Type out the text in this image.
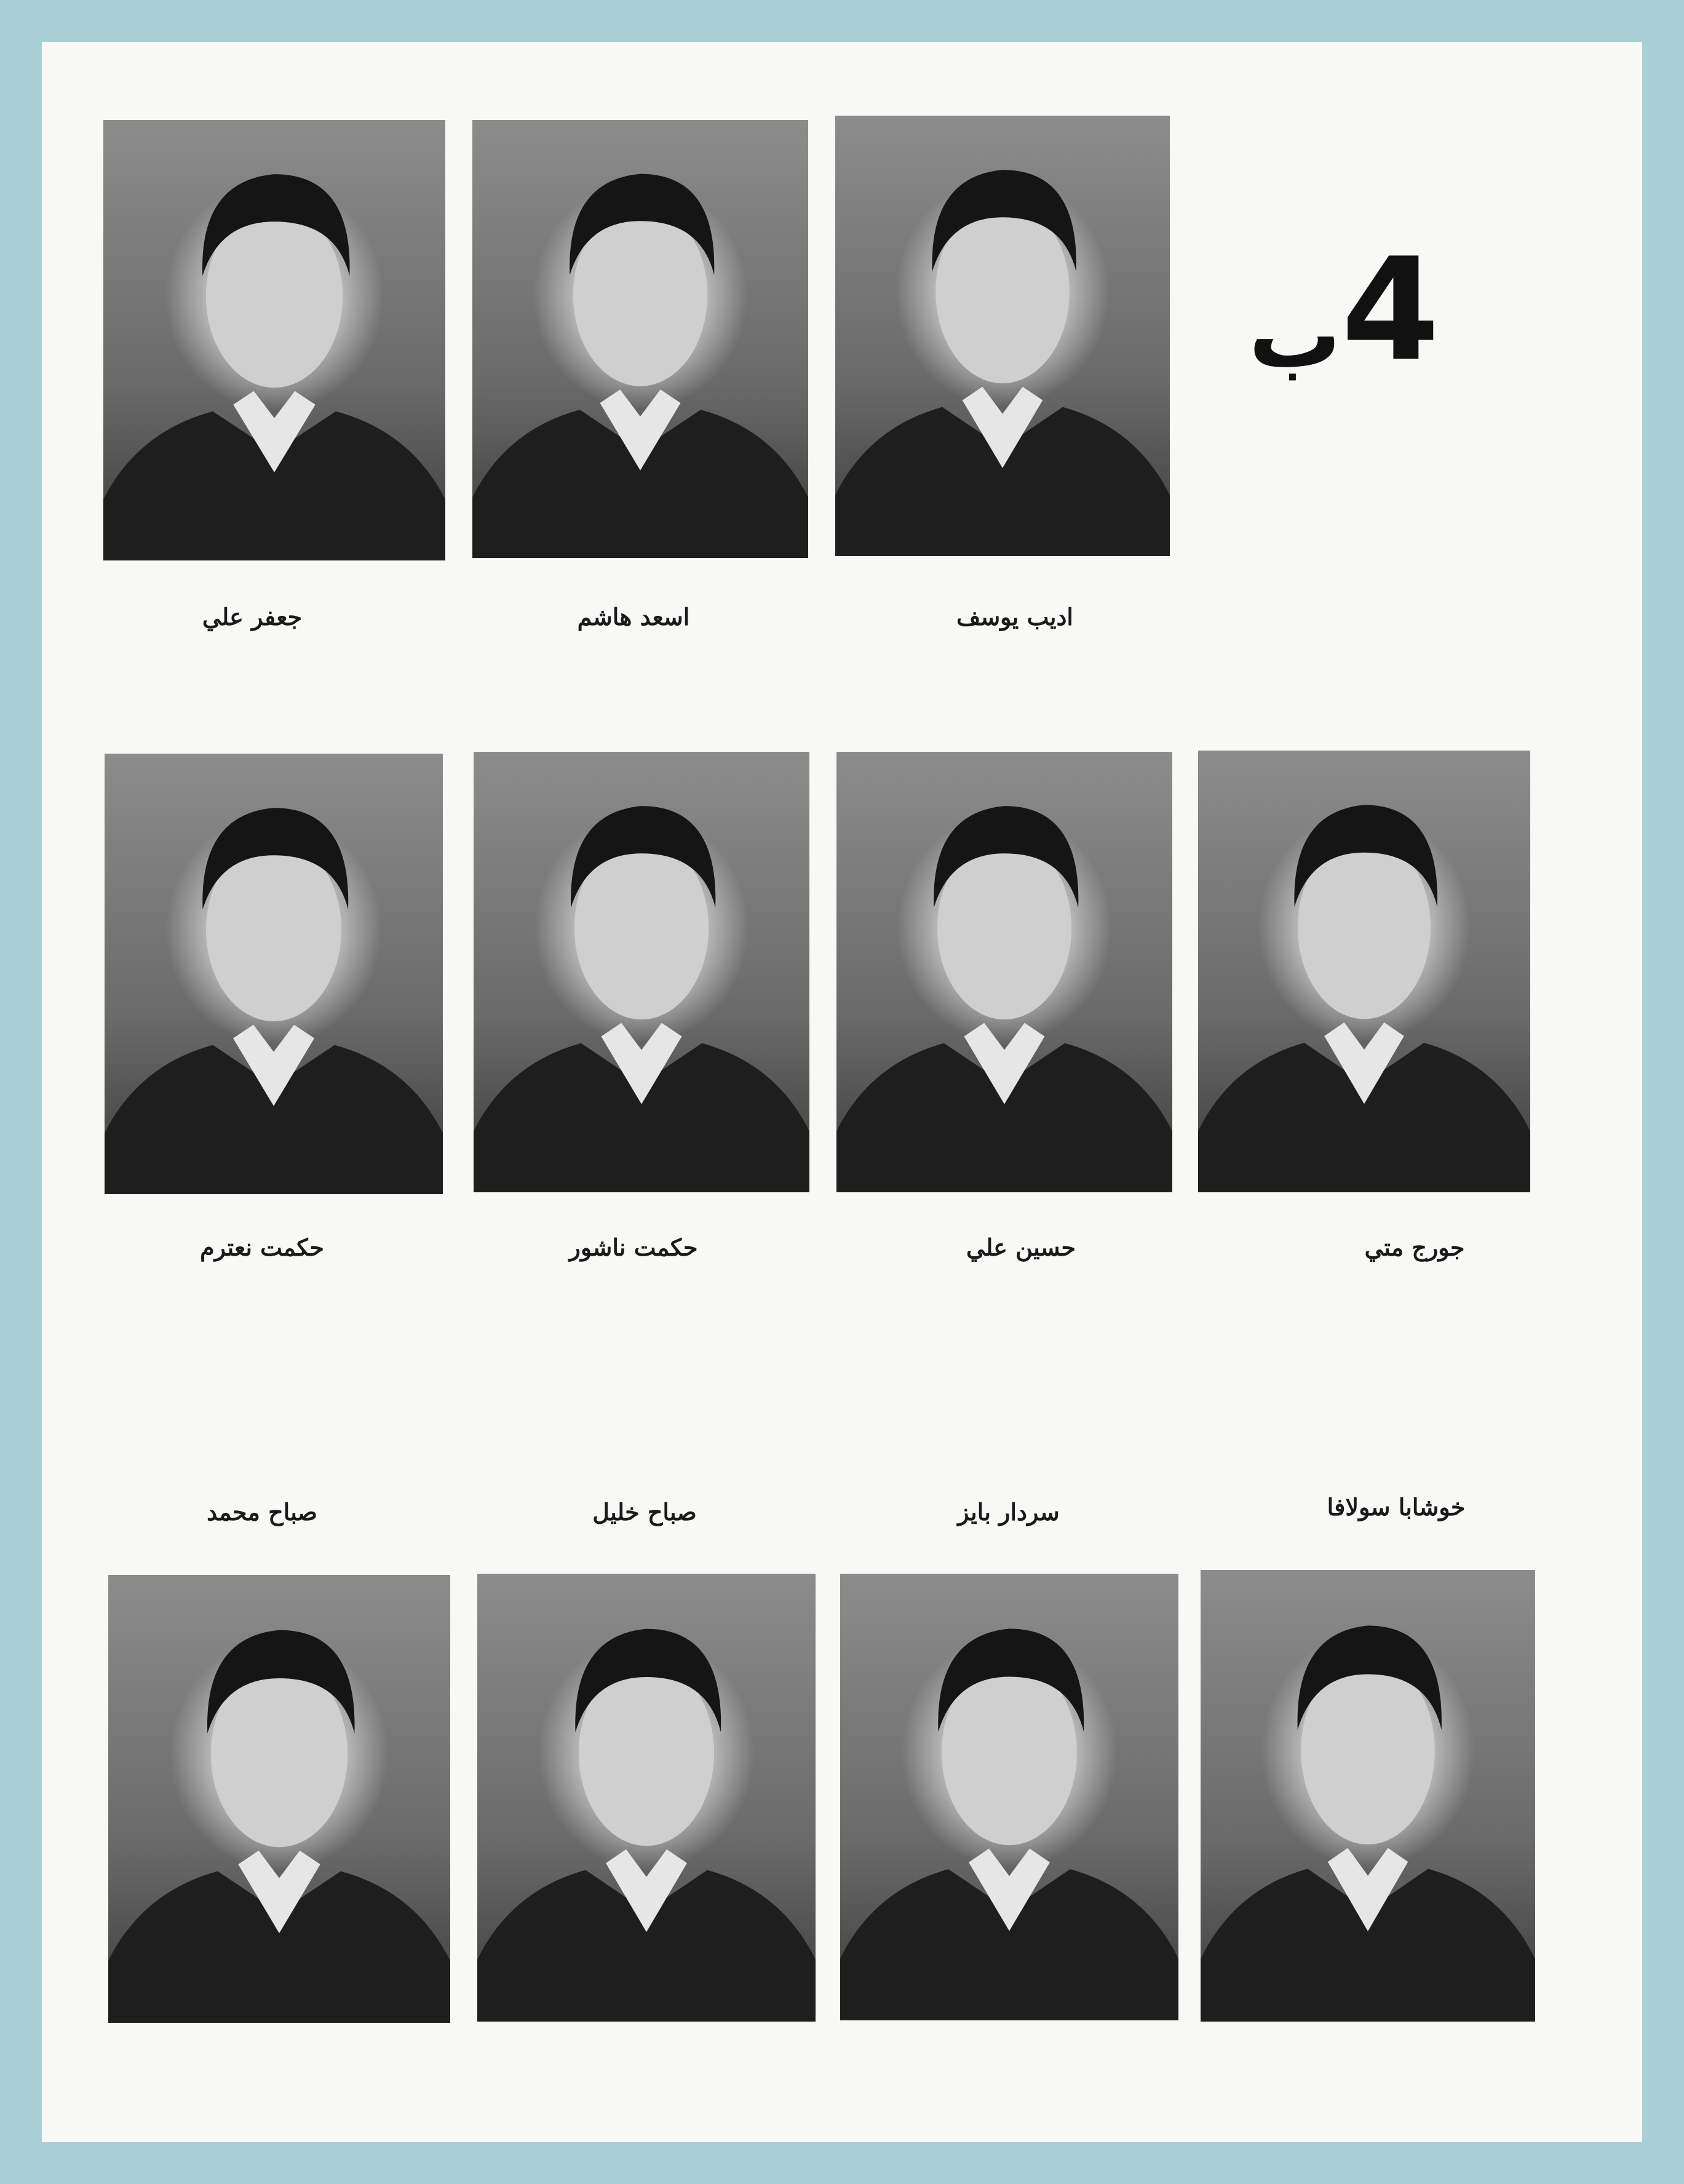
4ب
جعفر علي	اسعد هاشم	اديب يوسف
حكمت نعترم	حكمت ناشور	حسين علي	جورج متي
صباح محمد	صباح خليل	سردار بايز	خوشابا سولافا
